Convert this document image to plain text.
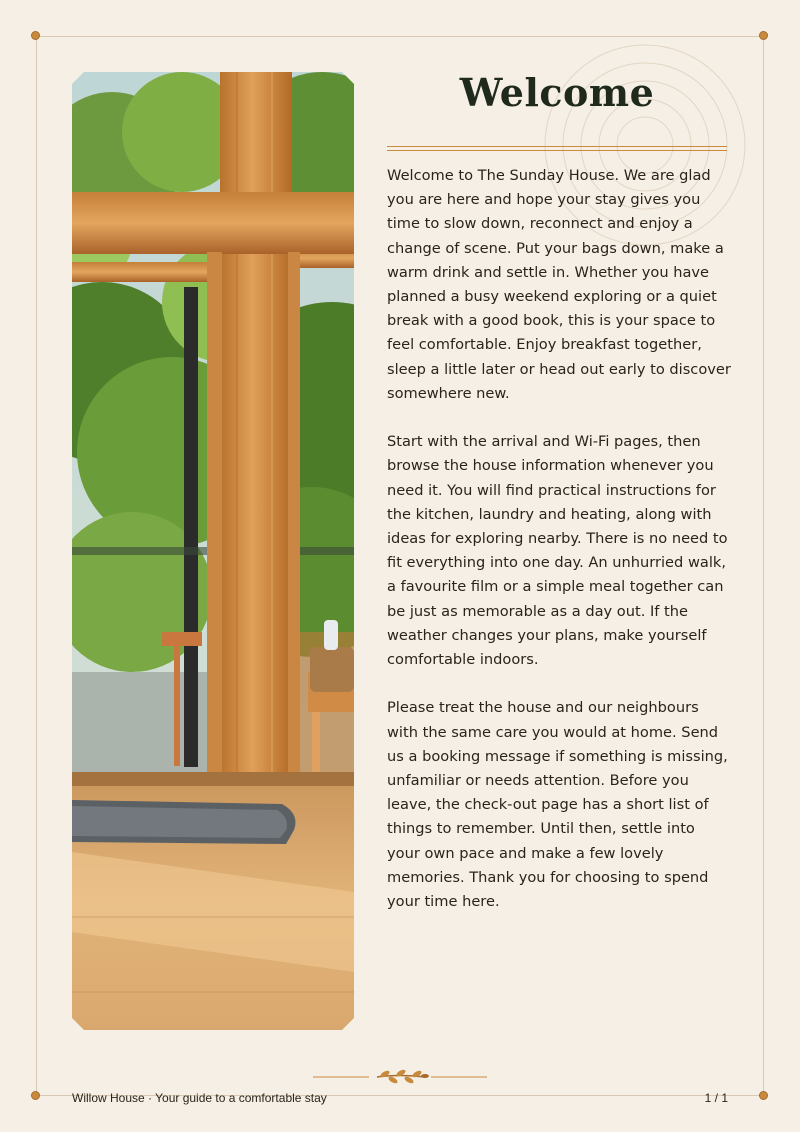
Welcome

Welcome to The Sunday House. We are glad you are here and hope your stay gives you time to slow down, reconnect and enjoy a change of scene. Put your bags down, make a warm drink and settle in. Whether you have planned a busy weekend exploring or a quiet break with a good book, this is your space to feel comfortable. Enjoy breakfast together, sleep a little later or head out early to discover somewhere new.

Start with the arrival and Wi-Fi pages, then browse the house information whenever you need it. You will find practical instructions for the kitchen, laundry and heating, along with ideas for exploring nearby. There is no need to fit everything into one day. An unhurried walk, a favourite film or a simple meal together can be just as memorable as a day out. If the weather changes your plans, make yourself comfortable indoors.

Please treat the house and our neighbours with the same care you would at home. Send us a booking message if something is missing, unfamiliar or needs attention. Before you leave, the check-out page has a short list of things to remember. Until then, settle into your own pace and make a few lovely memories. Thank you for choosing to spend your time here.

Willow House · Your guide to a comfortable stay	1 / 1
